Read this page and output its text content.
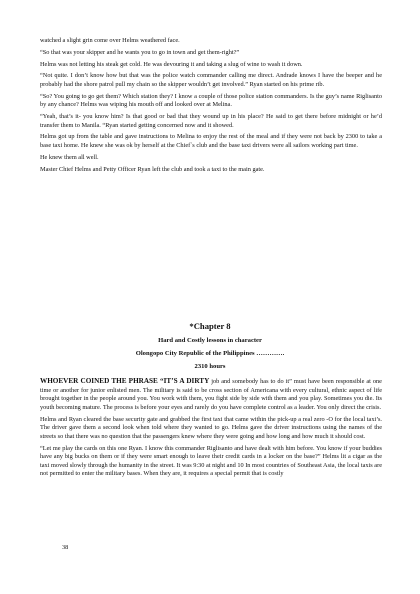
watched a slight grin come over Helms weathered face.

“So that was your skipper and he wants you to go in town and get them-right?”

Helms was not letting his steak get cold. He was devouring it and taking a slug of wine to wash it down.

“Not quite. I don’t know how but that was the police watch commander calling me direct. Andrade knows I have the beeper and he probably had the shore patrol pull my chain so the skipper wouldn’t get involved.” Ryan started on his prime rib.

“So? You going to go get them? Which station they? I know a couple of those police station commanders. Is the guy’s name Riglisanto by any chance? Helms was wiping his mouth off and looked over at Melina.

“Yeah, that’s it- you know him? Is that good or bad that they wound up in his place? He said to get there before midnight or he’d transfer them to Manila. “Ryan started getting concerned now and it showed.

Helms got up from the table and gave instructions to Melina to enjoy the rest of the meal and if they were not back by 2300 to take a base taxi home. He knew she was ok by herself at the Chief`s club and the base taxi drivers were all sailors working part time.

He knew them all well.

Master Chief Helms and Petty Officer Ryan left the club and took a taxi to the main gate.

*Chapter 8
Hard and Costly lessons in character
Olongopo City Republic of the Philippines ………….
2310 hours

WHOEVER COINED THE PHRASE “IT’S A DIRTY job and somebody has to do it” must have been responsible at one time or another for junior enlisted men. The military is said to be cross section of Americana with every cultural, ethnic aspect of life brought together in the people around you. You work with them, you fight side by side with them and you play. Sometimes you die. Its youth becoming mature. The process is before your eyes and rarely do you have complete control as a leader. You only direct the crisis.

Helms and Ryan cleared the base security gate and grabbed the first taxi that came within the pick-up a real zero -O for the local taxi’s. The driver gave them a second look when told where they wanted to go. Helms gave the driver instructions using the names of the streets so that there was no question that the passengers knew where they were going and how long and how much it should cost.

“Let me play the cards on this one Ryan. I know this commander Riglisanto and have dealt with him before. You know if your buddies have any big bucks on them or if they were smart enough to leave their credit cards in a locker on the base?” Helms lit a cigar as the taxi moved slowly through the humanity in the street. It was 9:30 at night and 10 In most countries of Southeast Asia, the local taxis are not permitted to enter the military bases. When they are, it requires a special permit that is costly

38
